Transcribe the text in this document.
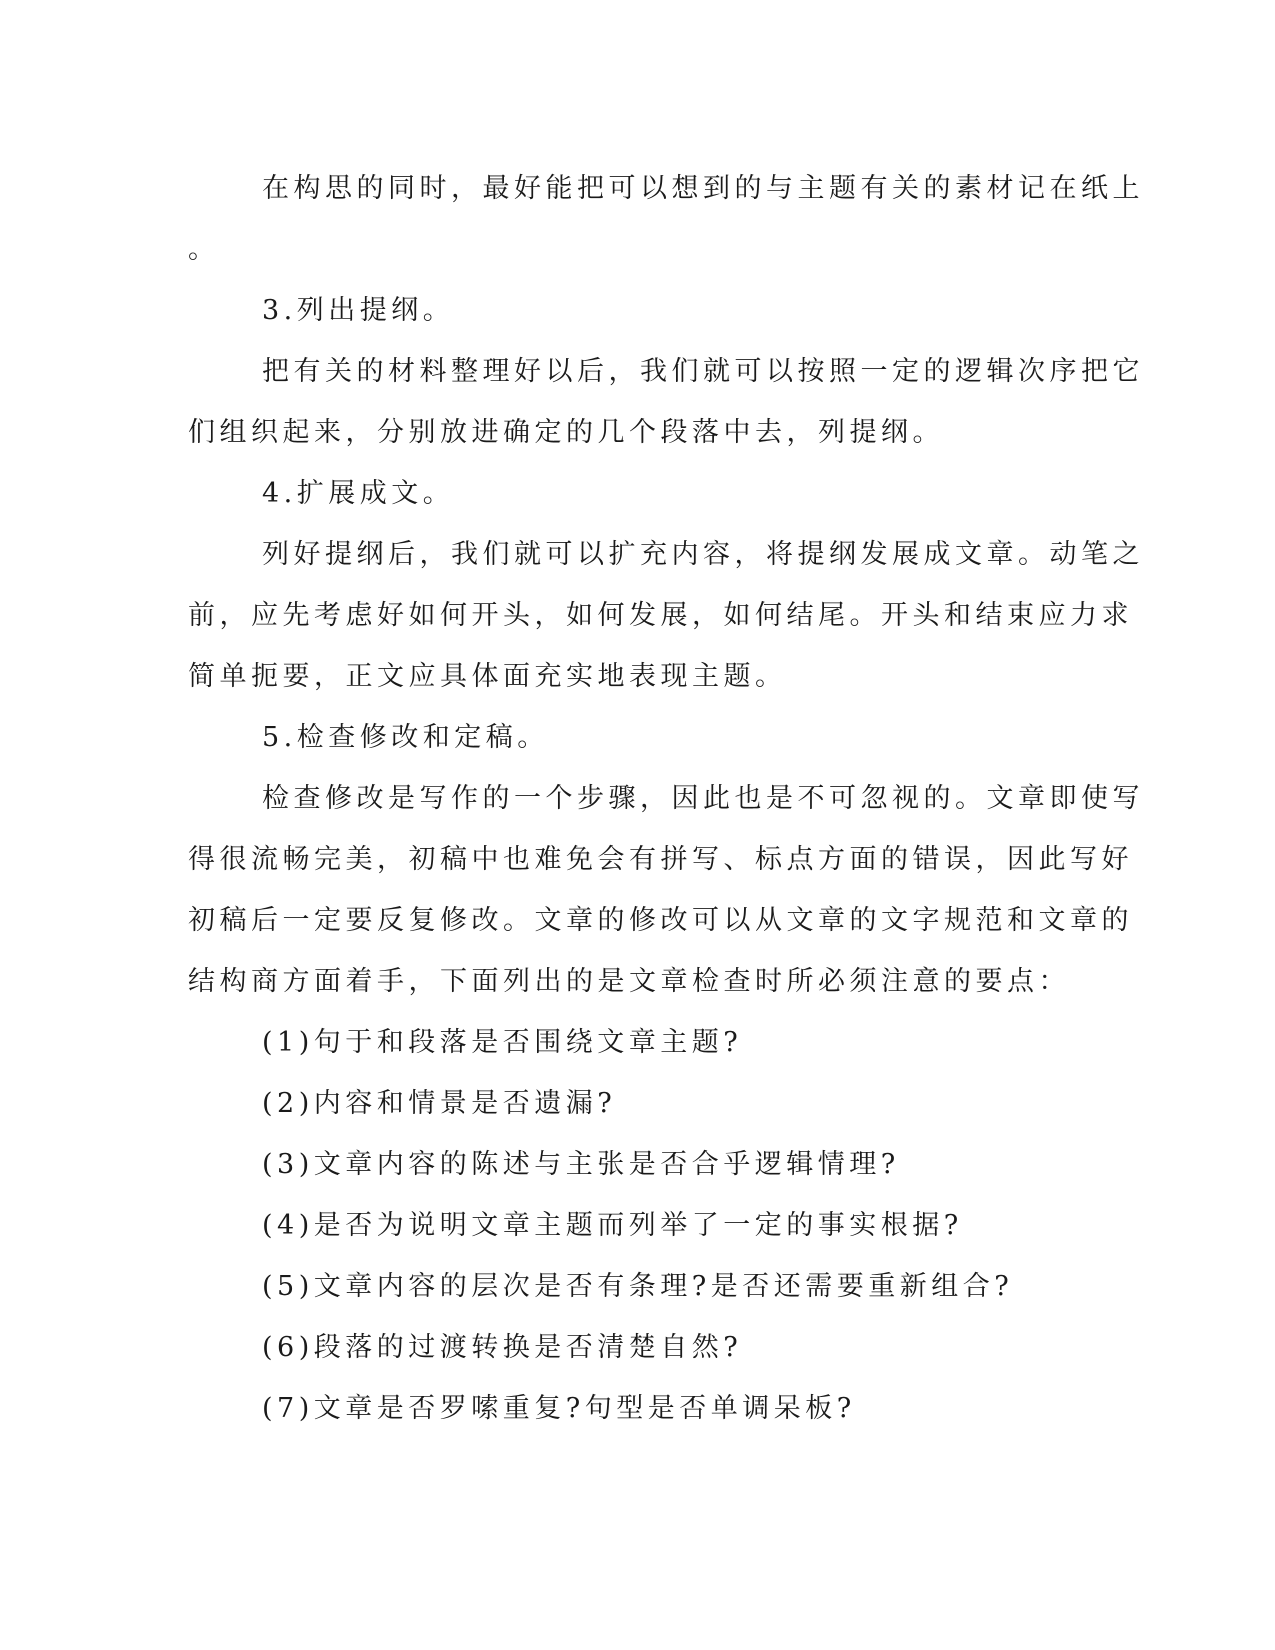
在构思的同时，最好能把可以想到的与主题有关的素材记在纸上
。
3.列出提纲。
把有关的材料整理好以后，我们就可以按照一定的逻辑次序把它
们组织起来，分别放进确定的几个段落中去，列提纲。
4.扩展成文。
列好提纲后，我们就可以扩充内容，将提纲发展成文章。动笔之
前，应先考虑好如何开头，如何发展，如何结尾。开头和结束应力求
简单扼要，正文应具体面充实地表现主题。
5.检查修改和定稿。
检查修改是写作的一个步骤，因此也是不可忽视的。文章即使写
得很流畅完美，初稿中也难免会有拼写、标点方面的错误，因此写好
初稿后一定要反复修改。文章的修改可以从文章的文字规范和文章的
结构商方面着手，下面列出的是文章检查时所必须注意的要点：
(1)句于和段落是否围绕文章主题?
(2)内容和情景是否遗漏?
(3)文章内容的陈述与主张是否合乎逻辑情理?
(4)是否为说明文章主题而列举了一定的事实根据?
(5)文章内容的层次是否有条理?是否还需要重新组合?
(6)段落的过渡转换是否清楚自然?
(7)文章是否罗嗦重复?句型是否单调呆板?
